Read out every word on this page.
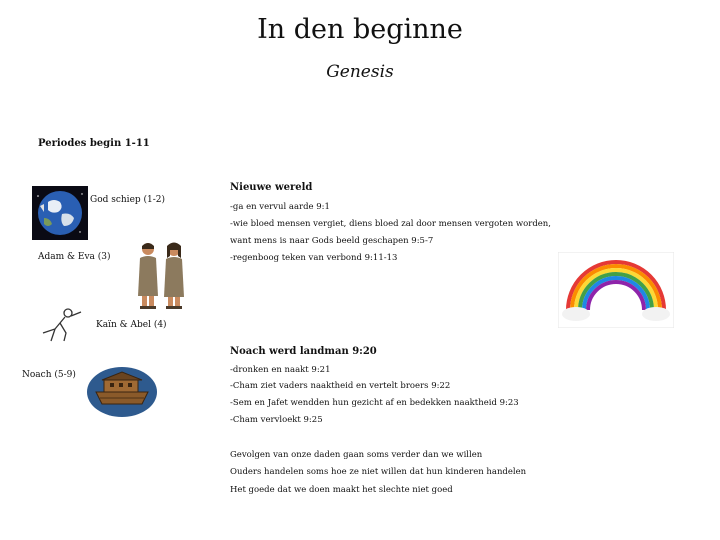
In den beginne
Genesis
Periodes begin 1-11
God schiep (1-2)
Adam & Eva (3)
Kaïn & Abel (4)
Noach (5-9)
Nieuwe wereld
-ga en vervul aarde 9:1
-wie bloed mensen vergiet, diens bloed zal door mensen vergoten worden,
want mens is naar Gods beeld geschapen 9:5-7
-regenboog teken van verbond 9:11-13
Noach werd landman 9:20
-dronken en naakt 9:21
-Cham ziet vaders naaktheid en vertelt broers 9:22
-Sem en Jafet wendden hun gezicht af en bedekken naaktheid 9:23
-Cham vervloekt 9:25
Gevolgen van onze daden gaan soms verder dan we willen
Ouders handelen soms hoe ze niet willen dat hun kinderen handelen
Het goede dat we doen maakt het slechte niet goed
